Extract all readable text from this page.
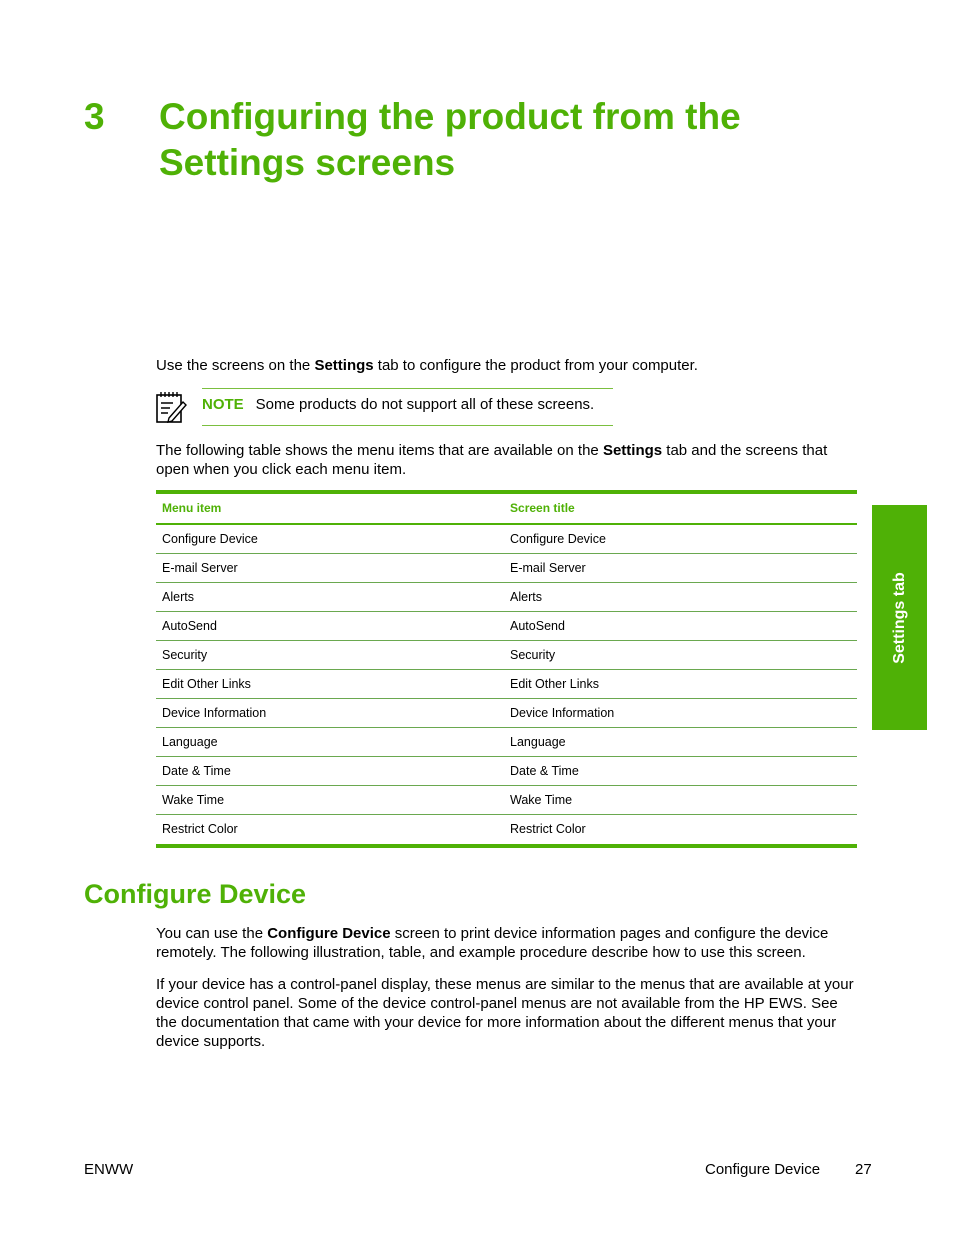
3 Configuring the product from the Settings screens
Use the screens on the Settings tab to configure the product from your computer.
NOTE Some products do not support all of these screens.
The following table shows the menu items that are available on the Settings tab and the screens that open when you click each menu item.
Menu item	Screen title
Configure Device	Configure Device
E-mail Server	E-mail Server
Alerts	Alerts
AutoSend	AutoSend
Security	Security
Edit Other Links	Edit Other Links
Device Information	Device Information
Language	Language
Date & Time	Date & Time
Wake Time	Wake Time
Restrict Color	Restrict Color
Configure Device
You can use the Configure Device screen to print device information pages and configure the device remotely. The following illustration, table, and example procedure describe how to use this screen.
If your device has a control-panel display, these menus are similar to the menus that are available at your device control panel. Some of the device control-panel menus are not available from the HP EWS. See the documentation that came with your device for more information about the different menus that your device supports.
Settings tab
ENWW	Configure Device 27
